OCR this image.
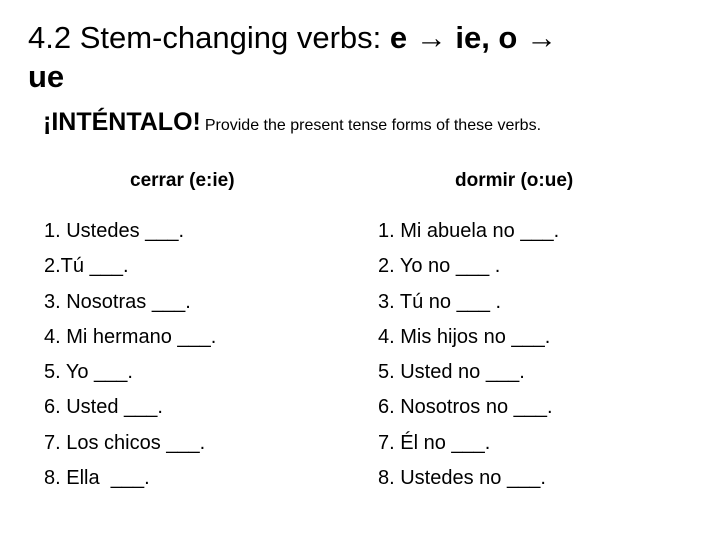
4.2 Stem-changing verbs: e → ie, o →
ue
¡INTÉNTALO! Provide the present tense forms of these verbs.
cerrar (e:ie)	dormir (o:ue)
1. Ustedes ___.
2.Tú ___.
3. Nosotras ___.
4. Mi hermano ___.
5. Yo ___.
6. Usted ___.
7. Los chicos ___.
8. Ella  ___.
1. Mi abuela no ___.
2. Yo no ___ .
3. Tú no ___ .
4. Mis hijos no ___.
5. Usted no ___.
6. Nosotros no ___.
7. Él no ___.
8. Ustedes no ___.
